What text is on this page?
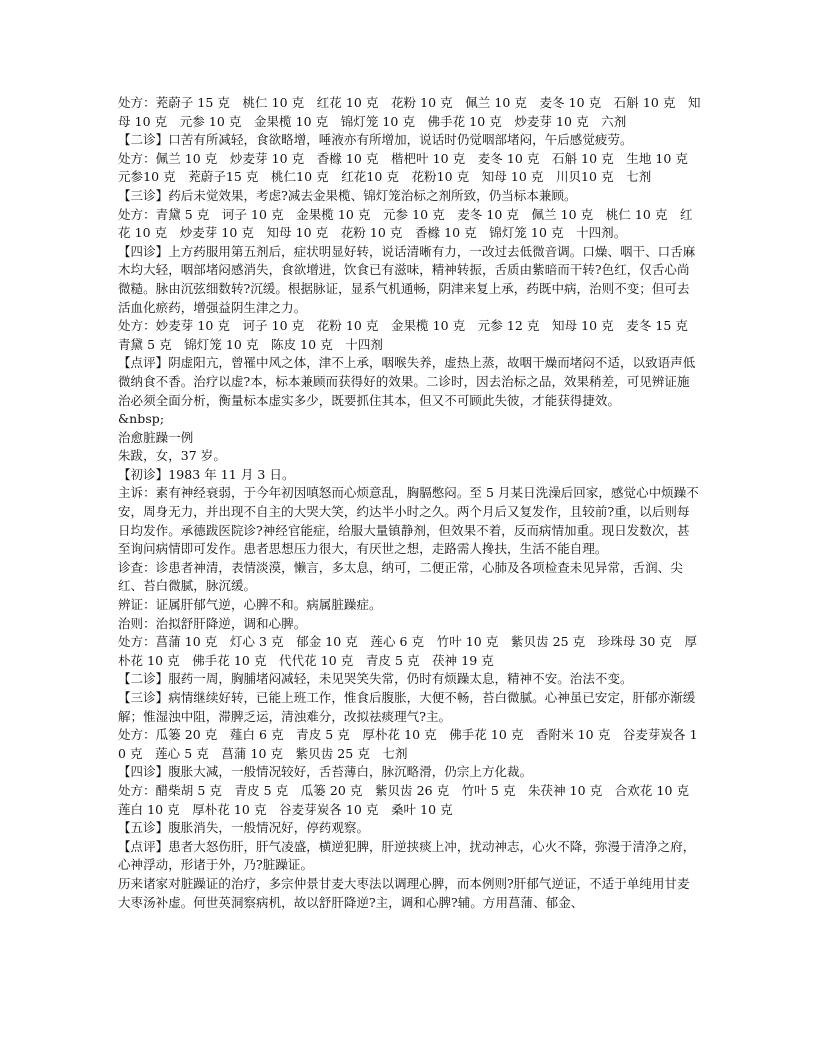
处方：茺蔚子 15 克　桃仁 10 克　红花 10 克　花粉 10 克　佩兰 10 克　麦冬 10 克　石斛 10 克　知母 10 克　元参 10 克　金果榄 10 克　锦灯笼 10 克　佛手花 10 克　炒麦芽 10 克　六剂

【二诊】口苦有所减轻，食欲略增，唾液亦有所增加，说话时仍觉咽部堵闷，午后感觉疲劳。

处方：佩兰 10 克　炒麦芽 10 克　香橼 10 克　楷杷叶 10 克　麦冬 10 克　石斛 10 克　生地 10 克　元参10 克　茺蔚子15 克　桃仁10 克　红花10 克　花粉10 克　知母 10 克　川贝10 克　七剂

【三诊】药后未觉效果，考虑?减去金果榄、锦灯笼治标之剂所致，仍当标本兼顾。

处方：青黛 5 克　诃子 10 克　金果榄 10 克　元参 10 克　麦冬 10 克　佩兰 10 克　桃仁 10 克　红花 10 克　炒麦芽 10 克　知母 10 克　花粉 10 克　香橼 10 克　锦灯笼 10 克　十四剂。

【四诊】上方药服用第五剂后，症状明显好转，说话清晰有力，一改过去低微音调。口燥、咽干、口舌麻木均大轻，咽部堵闷感消失，食欲增进，饮食已有滋味，精神转振，舌质由紫暗而干转?色红，仅舌心尚微糙。脉由沉弦细数转?沉缓。根据脉证，显系气机通畅，阴津来复上承，药既中病，治则不变；但可去活血化瘀药，增强益阴生津之力。

处方：妙麦芽 10 克　诃子 10 克　花粉 10 克　金果榄 10 克　元参 12 克　知母 10 克　麦冬 15 克　青黛 5 克　锦灯笼 10 克　陈皮 10 克　十四剂

【点评】阴虚阳亢，曾罹中风之体，津不上承，咽喉失养，虚热上蒸，故咽干燥而堵闷不适，以致语声低微纳食不香。治疗以虚?本，标本兼顾而获得好的效果。二诊时，因去治标之品，效果稍差，可见辨证施治必须全面分析，衡量标本虚实多少，既要抓住其本，但又不可顾此失彼，才能获得捷效。

&nbsp;

治愈脏躁一例

朱跋，女，37 岁。

【初诊】1983 年 11 月 3 日。

主诉：素有神经衰弱，于今年初因嗔怒而心烦意乱，胸膈憋闷。至 5 月某日洗澡后回家，感觉心中烦躁不安，周身无力，并出现不自主的大哭大笑，约达半小时之久。两个月后又复发作，且较前?重，以后则每日均发作。承德跋医院诊?神经官能症，给服大量镇静剂，但效果不着，反而病情加重。现日发数次，甚至询问病情即可发作。患者思想压力很大，有厌世之想，走路需人搀扶，生活不能自理。

诊查：诊患者神清，表情淡漠，懒言，多太息，纳可，二便正常，心肺及各项检查未见异常，舌润、尖红、苔白微腻，脉沉缓。

辨证：证属肝郁气逆，心脾不和。病属脏躁症。

治则：治拟舒肝降逆，调和心脾。

处方：菖蒲 10 克　灯心 3 克　郁金 10 克　莲心 6 克　竹叶 10 克　紫贝齿 25 克　珍珠母 30 克　厚朴花 10 克　佛手花 10 克　代代花 10 克　青皮 5 克　茯神 19 克

【二诊】服药一周，胸脯堵闷减轻，未见哭笑失常，仍时有烦躁太息，精神不安。治法不变。

【三诊】病情继续好转，已能上班工作，惟食后腹胀，大便不畅，苔白微腻。心神虽已安定，肝郁亦渐缓解；惟湿浊中阻，滞脾乏运，清浊难分，改拟祛痰理气?主。

处方：瓜篓 20 克　薤白 6 克　青皮 5 克　厚朴花 10 克　佛手花 10 克　香附米 10 克　谷麦芽炭各 10 克　莲心 5 克　菖蒲 10 克　紫贝齿 25 克　七剂

【四诊】腹胀大减，一般情况较好，舌苔薄白，脉沉略滑，仍宗上方化裁。

处方：醋柴胡 5 克　青皮 5 克　瓜篓 20 克　紫贝齿 26 克　竹叶 5 克　朱茯神 10 克　合欢花 10 克　莲白 10 克　厚朴花 10 克　谷麦芽炭各 10 克　桑叶 10 克

【五诊】腹胀消失，一般情况好，停药观察。

【点评】患者大怒伤肝，肝气凌盛，横逆犯脾，肝逆挟痰上冲，扰动神志，心火不降，弥漫于清净之府，心神浮动，形诸于外，乃?脏躁证。

历来诸家对脏躁证的治疗，多宗仲景甘麦大枣法以调理心脾，而本例则?肝郁气逆证，不适于单纯用甘麦大枣汤补虚。何世英洞察病机，故以舒肝降逆?主，调和心脾?辅。方用菖蒲、郁金、
